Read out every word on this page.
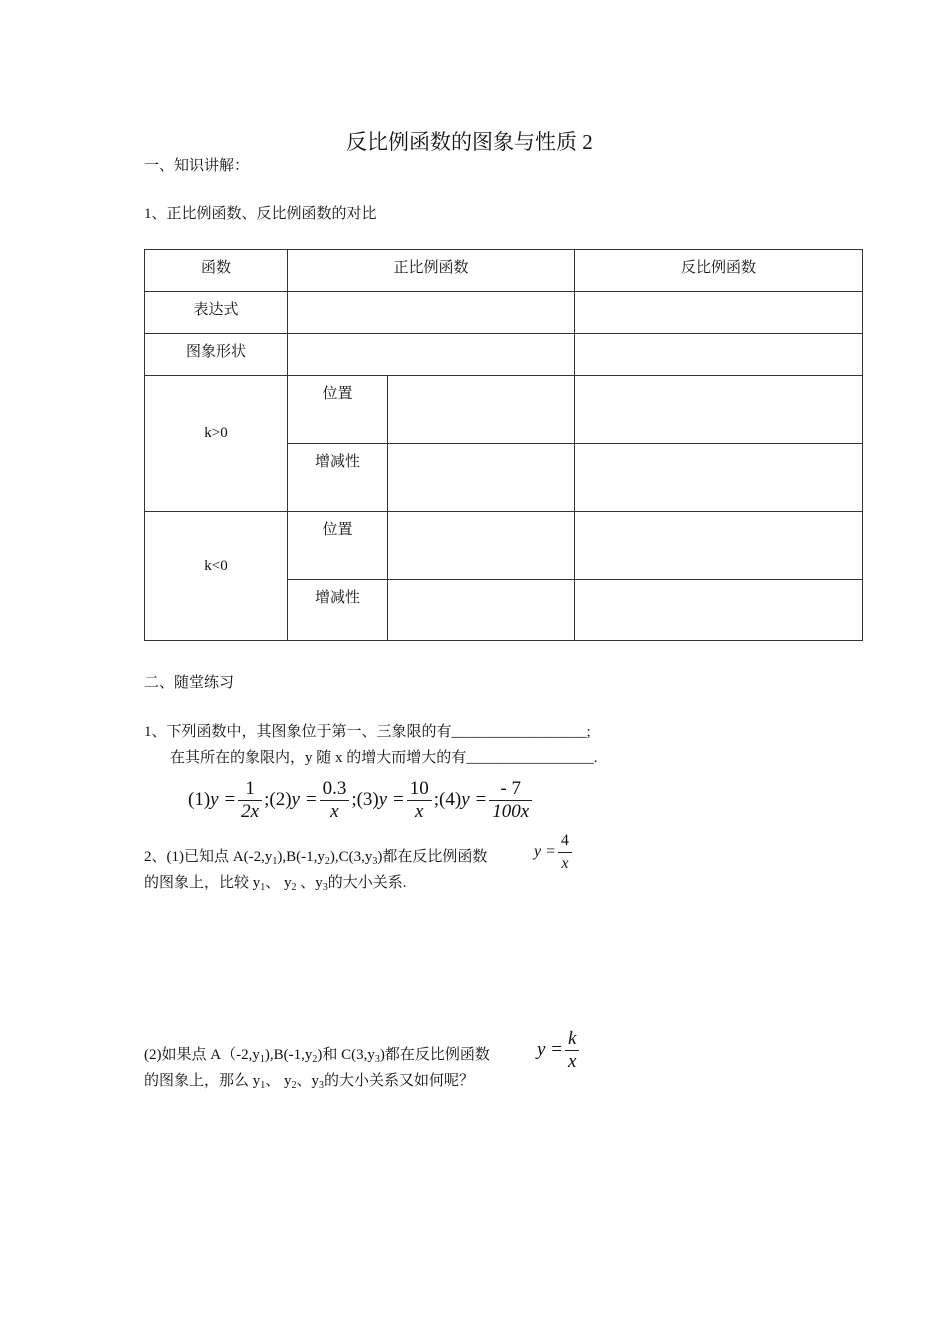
反比例函数的图象与性质 2
一、知识讲解：
1、正比例函数、反比例函数的对比
函数	正比例函数		反比例函数
表达式			
图象形状			
k>0	位置		
	增减性		
k<0	位置		
	增减性		
二、随堂练习
1、下列函数中，其图象位于第一、三象限的有__________________;
在其所在的象限内，y 随 x 的增大而增大的有_________________.
$(1)y = \frac{1}{2x}$ ;(2)y = $\frac{0.3}{x}$ ;(3)y = $\frac{10}{x}$ ;(4)y = $\frac{- 7}{100x}$
2、(1)已知点 $A(-2,y_1),B(-1,y_2),C(3,y_3)$都在反比例函数	$y = \frac{4}{x}$
的图象上，比较 $y_1$、 $y_2$ 、$y_3$的大小关系.
(2)如果点 $A(-2,y_1),B(-1,y_2)$和 $C(3,y_3)$都在反比例函数 $y = \frac{k}{x}$
的图象上，那么 $y_1$、 $y_2$、$y_3$的大小关系又如何呢？
